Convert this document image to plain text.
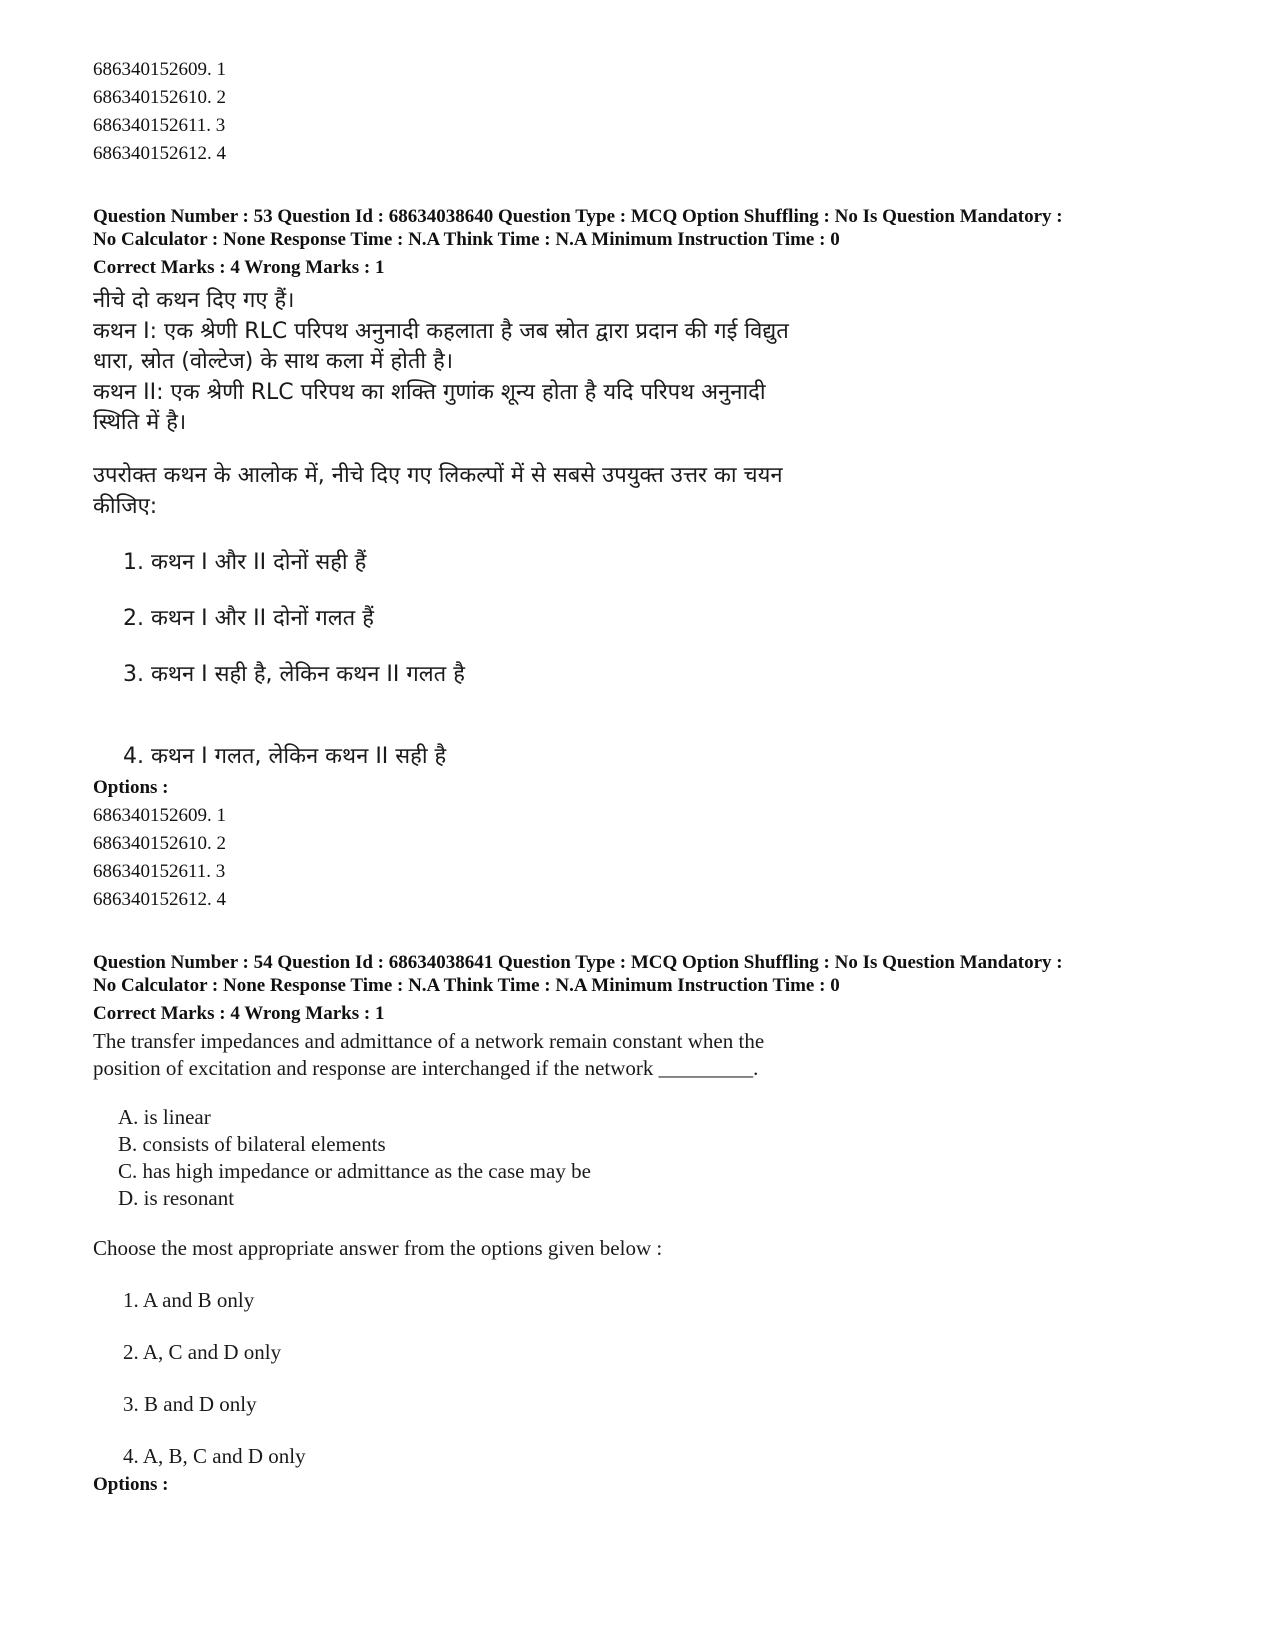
686340152609. 1
686340152610. 2
686340152611. 3
686340152612. 4
Question Number : 53 Question Id : 68634038640 Question Type : MCQ Option Shuffling : No Is Question Mandatory :
No Calculator : None Response Time : N.A Think Time : N.A Minimum Instruction Time : 0
Correct Marks : 4 Wrong Marks : 1
नीचे दो कथन दिए गए हैं।
कथन I: एक श्रेणी RLC परिपथ अनुनादी कहलाता है जब स्रोत द्वारा प्रदान की गई विद्युत
धारा, स्रोत (वोल्टेज) के साथ कला में होती है।
कथन II: एक श्रेणी RLC परिपथ का शक्ति गुणांक शून्य होता है यदि परिपथ अनुनादी
स्थिति में है।
उपरोक्त कथन के आलोक में, नीचे दिए गए लिकल्पों में से सबसे उपयुक्त उत्तर का चयन
कीजिए:
1. कथन I और II दोनों सही हैं
2. कथन I और II दोनों गलत हैं
3. कथन I सही है, लेकिन कथन II गलत है
4. कथन I गलत, लेकिन कथन II सही है
Options :
686340152609. 1
686340152610. 2
686340152611. 3
686340152612. 4
Question Number : 54 Question Id : 68634038641 Question Type : MCQ Option Shuffling : No Is Question Mandatory :
No Calculator : None Response Time : N.A Think Time : N.A Minimum Instruction Time : 0
Correct Marks : 4 Wrong Marks : 1
The transfer impedances and admittance of a network remain constant when the
position of excitation and response are interchanged if the network _________.
A. is linear
B. consists of bilateral elements
C. has high impedance or admittance as the case may be
D. is resonant
Choose the most appropriate answer from the options given below :
1. A and B only
2. A, C and D only
3. B and D only
4. A, B, C and D only
Options :
